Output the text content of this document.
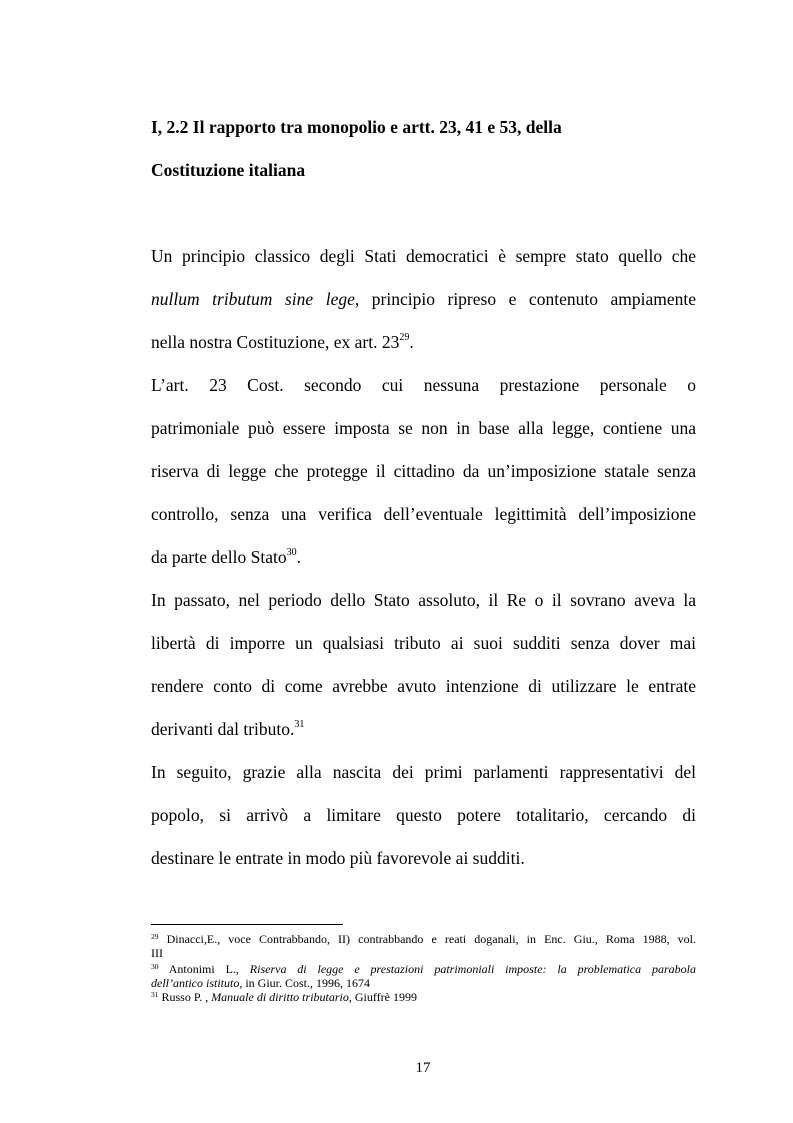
I, 2.2 Il rapporto tra monopolio e artt. 23, 41 e 53, della
Costituzione italiana
Un principio classico degli Stati democratici è sempre stato quello che
nullum tributum sine lege, principio ripreso e contenuto ampiamente
nella nostra Costituzione, ex art. $23^{29}$.
L’art. 23 Cost. secondo cui nessuna prestazione personale o
patrimoniale può essere imposta se non in base alla legge, contiene una
riserva di legge che protegge il cittadino da un’imposizione statale senza
controllo, senza una verifica dell’eventuale legittimità dell’imposizione
da parte dello Stato$^{30}$.
In passato, nel periodo dello Stato assoluto, il Re o il sovrano aveva la
libertà di imporre un qualsiasi tributo ai suoi sudditi senza dover mai
rendere conto di come avrebbe avuto intenzione di utilizzare le entrate
derivanti dal tributo.$^{31}$
In seguito, grazie alla nascita dei primi parlamenti rappresentativi del
popolo, si arrivò a limitare questo potere totalitario, cercando di
destinare le entrate in modo più favorevole ai sudditi.
$^{29}$ Dinacci,E., voce Contrabbando, II) contrabbando e reati doganali, in Enc. Giu., Roma 1988, vol.
III
$^{30}$ Antonimi L., Riserva di legge e prestazioni patrimoniali imposte: la problematica parabola
dell’antico istituto, in Giur. Cost., 1996, 1674
$^{31}$ Russo P. , Manuale di diritto tributario, Giuffrè 1999
17
